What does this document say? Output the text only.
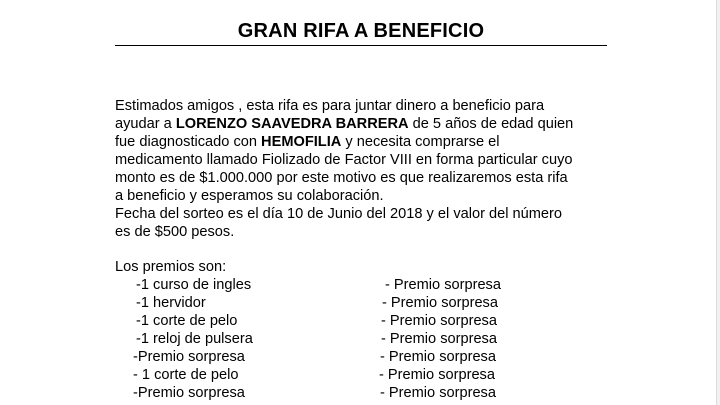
GRAN RIFA A BENEFICIO
Estimados amigos , esta rifa es para juntar dinero a beneficio para
ayudar a LORENZO SAAVEDRA BARRERA de 5 años de edad quien
fue diagnosticado con HEMOFILIA y necesita comprarse el
medicamento llamado Fiolizado de Factor VIII en forma particular cuyo
monto es de $1.000.000 por este motivo es que realizaremos esta rifa
a beneficio y esperamos su colaboración.
Fecha del sorteo es el día 10 de Junio del 2018 y el valor del número
es de $500 pesos.
Los premios son:
-1 curso de ingles
-1 hervidor
-1 corte de pelo
-1 reloj de pulsera
-Premio sorpresa
- 1 corte de pelo
-Premio sorpresa
- Premio sorpresa
- Premio sorpresa
- Premio sorpresa
- Premio sorpresa
- Premio sorpresa
- Premio sorpresa
- Premio sorpresa
